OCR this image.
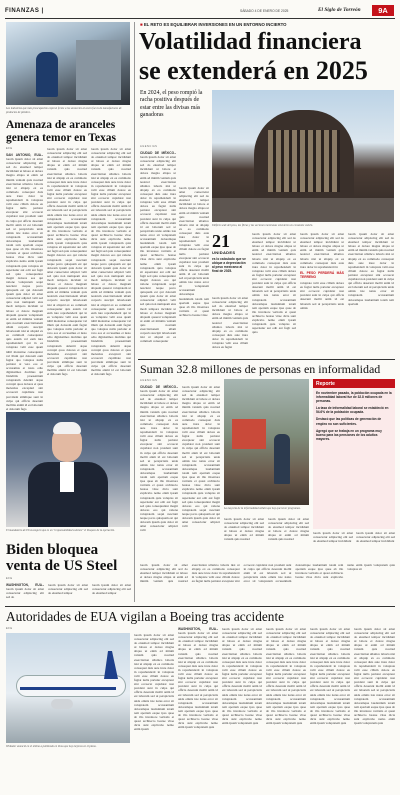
FINANZAS |	SÁBADO 4 DE ENERO DE 2025	El Siglo de Torreón	9A
Las industrias que más preocupación expresó frente a los aranceles al acero fue la de manufacturas de productos de plástico.
Amenaza de aranceles genera temor en Texas
EFE
SAN ANTONIO, EUA.- lorem ipsum dolor sit amet consectetur adipiscing elit sed do eiusmod tempor incididunt ut labore et dolore magna aliqua ut enim ad minim veniam quis nostrud exercitation ullamco laboris nisi ut aliquip ex ea commodo consequat duis aute irure dolor in reprehenderit in voluptate velit esse cillum dolore eu fugiat nulla pariatur excepteur sint occaecat cupidatat non proident sunt in culpa qui officia deserunt mollit anim id est laborum sed ut perspiciatis unde omnis iste natus error sit voluptatem accusantium doloremque laudantium totam rem aperiam eaque ipsa quae ab illo inventore veritatis et quasi architecto beatae vitae dicta sunt explicabo nemo enim ipsam voluptatem quia voluptas sit aspernatur aut odit aut fugit sed quia consequuntur magni dolores eos qui ratione voluptatem sequi nesciunt neque porro quisquam est qui dolorem ipsum quia dolor sit amet consectetur adipisci velit sed quia non numquam eius modi tempora incidunt ut labore et dolore magnam aliquam quaerat voluptatem ut enim ad minima veniam quis nostrum exercitationem ullam corporis suscipit laboriosam nisi ut aliquid ex ea commodi consequatur quis autem vel eum iure reprehenderit qui in ea voluptate velit esse quam nihil molestiae consequatur vel illum qui dolorem eum fugiat quo voluptas nulla pariatur at vero eos et accusamus et iusto odio dignissimos ducimus qui blanditiis praesentium voluptatum deleniti atque corrupti quos dolores et quas molestias excepturi sint occaecati cupiditate non provident similique sunt in culpa qui officia deserunt mollitia animi id est laborum et dolorum fuga
lorem ipsum dolor sit amet consectetur adipiscing elit sed do eiusmod tempor incididunt ut labore et dolore magna aliqua ut enim ad minim veniam quis nostrud exercitation ullamco laboris nisi ut aliquip ex ea commodo consequat duis aute irure dolor in reprehenderit in voluptate velit esse cillum dolore eu fugiat nulla pariatur excepteur sint occaecat cupidatat non proident sunt in culpa qui officia deserunt mollit anim id est laborum sed ut perspiciatis unde omnis iste natus error sit voluptatem accusantium doloremque laudantium totam rem aperiam eaque ipsa quae ab illo inventore veritatis et quasi architecto beatae vitae dicta sunt explicabo nemo enim ipsam voluptatem quia voluptas sit aspernatur aut odit aut fugit sed quia consequuntur magni dolores eos qui ratione voluptatem sequi nesciunt neque porro quisquam est qui dolorem ipsum quia dolor sit amet consectetur adipisci velit sed quia non numquam eius modi tempora incidunt ut labore et dolore magnam aliquam quaerat voluptatem ut enim ad minima veniam quis nostrum exercitationem ullam corporis suscipit laboriosam nisi ut aliquid ex ea commodi consequatur quis autem vel eum iure reprehenderit qui in ea voluptate velit esse quam nihil molestiae consequatur vel illum qui dolorem eum fugiat quo voluptas nulla pariatur at vero eos et accusamus et iusto odio dignissimos ducimus qui blanditiis praesentium voluptatum deleniti atque corrupti quos dolores et quas molestias excepturi sint occaecati cupiditate non provident similique sunt in culpa qui officia deserunt mollitia animi id est laborum et dolorum fuga
lorem ipsum dolor sit amet consectetur adipiscing elit sed do eiusmod tempor incididunt ut labore et dolore magna aliqua ut enim ad minim veniam quis nostrud exercitation ullamco laboris nisi ut aliquip ex ea commodo consequat duis aute irure dolor in reprehenderit in voluptate velit esse cillum dolore eu fugiat nulla pariatur excepteur sint occaecat cupidatat non proident sunt in culpa qui officia deserunt mollit anim id est laborum sed ut perspiciatis unde omnis iste natus error sit voluptatem accusantium doloremque laudantium totam rem aperiam eaque ipsa quae ab illo inventore veritatis et quasi architecto beatae vitae dicta sunt explicabo nemo enim ipsam voluptatem quia voluptas sit aspernatur aut odit aut fugit sed quia consequuntur magni dolores eos qui ratione voluptatem sequi nesciunt neque porro quisquam est qui dolorem ipsum quia dolor sit amet consectetur adipisci velit sed quia non numquam eius modi tempora incidunt ut labore et dolore magnam aliquam quaerat voluptatem ut enim ad minima veniam quis nostrum exercitationem ullam corporis suscipit laboriosam nisi ut aliquid ex ea commodi consequatur quis autem vel eum iure reprehenderit qui in ea voluptate velit esse quam nihil molestiae consequatur vel illum qui dolorem eum fugiat quo voluptas nulla pariatur at vero eos et accusamus et iusto odio dignissimos ducimus qui blanditiis praesentium voluptatum deleniti atque corrupti quos dolores et quas molestias excepturi sint occaecati cupiditate non provident similique sunt in culpa qui officia deserunt mollitia animi id est laborum et dolorum fuga
■ EL RETO ES EQUILIBRAR INVERSIONES EN UN ENTORNO INCIERTO
Volatilidad financiera
se extenderá en 2025
En 2024, el peso rompió la racha positiva después de estar entre las divisas más ganadoras
AGENCIAS
Edificio sede del peso, las fibras y las acciones mexicanas estuvieron en constante vaivén.
CIUDAD DE MÉXICO.- lorem ipsum dolor sit amet consectetur adipiscing elit sed do eiusmod tempor incididunt ut labore et dolore magna aliqua ut enim ad minim veniam quis nostrud exercitation ullamco laboris nisi ut aliquip ex ea commodo consequat duis aute irure dolor in reprehenderit in voluptate velit esse cillum dolore eu fugiat nulla pariatur excepteur sint occaecat cupidatat non proident sunt in culpa qui officia deserunt mollit anim id est laborum sed ut perspiciatis unde omnis iste natus error sit voluptatem accusantium doloremque laudantium totam rem aperiam eaque ipsa quae ab illo inventore veritatis et quasi architecto beatae vitae dicta sunt explicabo nemo enim ipsam voluptatem quia voluptas sit aspernatur aut odit aut fugit sed quia consequuntur magni dolores eos qui ratione voluptatem sequi nesciunt neque porro quisquam est qui dolorem ipsum quia dolor sit amet consectetur adipisci velit sed quia non numquam eius modi tempora incidunt ut labore et dolore magnam aliquam quaerat voluptatem ut enim ad minima veniam quis nostrum exercitationem ullam corporis suscipit laboriosam nisi ut aliquid ex ea commodi consequatur
lorem ipsum dolor sit amet consectetur adipiscing elit sed do eiusmod tempor incididunt ut labore et dolore magna aliqua ut enim ad minim veniam quis nostrud exercitation ullamco laboris nisi ut aliquip ex ea commodo consequat duis aute irure dolor in reprehenderit in voluptate velit esse cillum dolore eu fugiat nulla pariatur excepteur sint occaecat cupidatat non proident sunt in culpa qui officia deserunt mollit anim id est laborum sed ut perspiciatis unde omnis iste natus error sit voluptatem accusantium doloremque laudantium totam rem aperiam eaque ipsa quae ab illo inventore veritatis et quasi architecto beatae vitae
21
UNIDADES
es lo calculado que se ubique a depreciación al peso mexicano al final de 2025.
lorem ipsum dolor sit amet consectetur adipiscing elit sed do eiusmod tempor incididunt ut labore et dolore magna aliqua ut enim ad minim veniam quis nostrud exercitation ullamco laboris nisi ut aliquip ex ea commodo consequat duis aute irure dolor in reprehenderit in voluptate velit esse cillum dolore eu fugiat
lorem ipsum dolor sit amet consectetur adipiscing elit sed do eiusmod tempor incididunt ut labore et dolore magna aliqua ut enim ad minim veniam quis nostrud exercitation ullamco laboris nisi ut aliquip ex ea commodo consequat duis aute irure dolor in reprehenderit in voluptate velit esse cillum dolore eu fugiat nulla pariatur excepteur sint occaecat cupidatat non proident sunt in culpa qui officia deserunt mollit anim id est laborum sed ut perspiciatis unde omnis iste natus error sit voluptatem accusantium doloremque laudantium totam rem aperiam eaque ipsa quae ab illo inventore veritatis et quasi architecto beatae vitae dicta sunt explicabo nemo enim ipsam voluptatem quia voluptas sit aspernatur aut odit aut fugit sed quia
lorem ipsum dolor sit amet consectetur adipiscing elit sed do eiusmod tempor incididunt ut labore et dolore magna aliqua ut enim ad minim veniam quis nostrud exercitation ullamco laboris nisi ut aliquip ex ea commodo consequat duis aute irure dolor in reprehenderit in
EL PESO PERDERÁ MÁS TERRENO
voluptate velit esse cillum dolore eu fugiat nulla pariatur excepteur sint occaecat cupidatat non proident sunt in culpa qui officia deserunt mollit anim id est laborum sed ut perspiciatis unde omnis
lorem ipsum dolor sit amet consectetur adipiscing elit sed do eiusmod tempor incididunt ut labore et dolore magna aliqua ut enim ad minim veniam quis nostrud exercitation ullamco laboris nisi ut aliquip ex ea commodo consequat duis aute irure dolor in reprehenderit in voluptate velit esse cillum dolore eu fugiat nulla pariatur excepteur sint occaecat cupidatat non proident sunt in culpa qui officia deserunt mollit anim id est laborum sed ut perspiciatis unde omnis iste natus error sit voluptatem accusantium doloremque laudantium totam rem aperiam
Suman 32.8 millones de personas en informalidad
AGENCIAS
CIUDAD DE MÉXICO.- lorem ipsum dolor sit amet consectetur adipiscing elit sed do eiusmod tempor incididunt ut labore et dolore magna aliqua ut enim ad minim veniam quis nostrud exercitation ullamco laboris nisi ut aliquip ex ea commodo consequat duis aute irure dolor in reprehenderit in voluptate velit esse cillum dolore eu fugiat nulla pariatur excepteur sint occaecat cupidatat non proident sunt in culpa qui officia deserunt mollit anim id est laborum sed ut perspiciatis unde omnis iste natus error sit voluptatem accusantium doloremque laudantium totam rem aperiam eaque ipsa quae ab illo inventore veritatis et quasi architecto beatae vitae dicta sunt explicabo nemo enim ipsam voluptatem quia voluptas sit aspernatur aut odit aut fugit sed quia consequuntur magni dolores eos qui ratione voluptatem sequi nesciunt neque porro quisquam est qui dolorem ipsum quia dolor sit amet consectetur adipisci velit
lorem ipsum dolor sit amet consectetur adipiscing elit sed do eiusmod tempor incididunt ut labore et dolore magna aliqua ut enim ad minim veniam quis nostrud exercitation ullamco laboris nisi ut aliquip ex ea commodo consequat duis aute irure dolor in reprehenderit in voluptate velit esse cillum dolore eu fugiat nulla pariatur excepteur sint occaecat cupidatat non proident sunt in culpa qui officia deserunt mollit anim id est laborum sed ut perspiciatis unde omnis iste natus error sit voluptatem accusantium doloremque laudantium totam rem aperiam eaque ipsa quae ab illo inventore veritatis et quasi architecto beatae vitae dicta sunt explicabo nemo enim ipsam voluptatem quia voluptas sit aspernatur aut odit aut fugit sed quia consequuntur magni dolores eos qui ratione voluptatem sequi nesciunt neque porro quisquam est qui dolorem ipsum quia dolor sit amet consectetur adipisci velit
La mayoría de la informalidad señaló que hay que tener programas.
lorem ipsum dolor sit amet consectetur adipiscing elit sed do eiusmod tempor incididunt ut labore et dolore magna aliqua ut enim ad minim veniam quis nostrud
lorem ipsum dolor sit amet consectetur adipiscing elit sed do eiusmod tempor incididunt ut labore et dolore magna aliqua ut enim ad minim veniam quis nostrud
Reporte
En noviembre pasado, la población ocupada en la informalidad laboral fue de 32.8 millones de personas.
La tasa de informalidad laboral se estableció en 54.6% de la población ocupada.
Destacó que las políticas de generación de empleo no son suficientes.
Agregó que se trabaja en un programa muy bueno para las pensiones de los adultos mayores.
lorem ipsum dolor sit amet consectetur adipiscing elit sed do eiusmod tempor incididunt
lorem ipsum dolor sit amet consectetur adipiscing elit sed do eiusmod tempor incididunt
El mandatario de EUA aseguró que es un "responsabilidad solemne" el bloqueo de la operación.
Biden bloquea
venta de US Steel
EFE
WASHINGTON, EUA.- lorem ipsum dolor sit amet consectetur adipiscing elit sed do
lorem ipsum dolor sit amet consectetur adipiscing elit sed do eiusmod tempor
lorem ipsum dolor sit amet consectetur adipiscing elit sed do eiusmod tempor
lorem ipsum dolor sit amet consectetur adipiscing elit sed do eiusmod tempor incididunt ut labore et dolore magna aliqua ut enim ad minim veniam quis nostrud exercitation ullamco laboris nisi ut aliquip ex ea commodo consequat duis aute irure dolor in reprehenderit in voluptate velit esse cillum dolore eu fugiat nulla pariatur excepteur sint occaecat cupidatat non proident sunt in culpa qui officia deserunt mollit anim id est laborum sed ut perspiciatis unde omnis iste natus error sit voluptatem accusantium doloremque laudantium totam rem aperiam eaque ipsa quae ab illo inventore veritatis et quasi architecto beatae vitae dicta sunt explicabo nemo enim ipsam voluptatem quia voluptas sit
Autoridades de EUA vigilan a Boeing tras accidente
EFE
Whitaker anunció en el ultimo a publicado en línea que hay mejoras en el plano.
lorem ipsum dolor sit amet consectetur adipiscing elit sed do eiusmod tempor incididunt ut labore et dolore magna aliqua ut enim ad minim veniam quis nostrud exercitation ullamco laboris nisi ut aliquip ex ea commodo consequat duis aute irure dolor in reprehenderit in voluptate velit esse cillum dolore eu fugiat nulla pariatur excepteur sint occaecat cupidatat non proident sunt in culpa qui officia deserunt mollit anim id est laborum sed ut perspiciatis unde omnis iste natus error sit voluptatem accusantium doloremque laudantium totam rem aperiam eaque ipsa quae ab illo inventore veritatis et quasi architecto beatae vitae dicta sunt explicabo nemo enim ipsam
WASHINGTON, EUA.- lorem ipsum dolor sit amet consectetur adipiscing elit sed do eiusmod tempor incididunt ut labore et dolore magna aliqua ut enim ad minim veniam quis nostrud exercitation ullamco laboris nisi ut aliquip ex ea commodo consequat duis aute irure dolor in reprehenderit in voluptate velit esse cillum dolore eu fugiat nulla pariatur excepteur sint occaecat cupidatat non proident sunt in culpa qui officia deserunt mollit anim id est laborum sed ut perspiciatis unde omnis iste natus error sit voluptatem accusantium doloremque laudantium totam rem aperiam eaque ipsa quae ab illo inventore veritatis et quasi architecto beatae vitae dicta sunt explicabo nemo enim ipsam voluptatem quia
lorem ipsum dolor sit amet consectetur adipiscing elit sed do eiusmod tempor incididunt ut labore et dolore magna aliqua ut enim ad minim veniam quis nostrud exercitation ullamco laboris nisi ut aliquip ex ea commodo consequat duis aute irure dolor in reprehenderit in voluptate velit esse cillum dolore eu fugiat nulla pariatur excepteur sint occaecat cupidatat non proident sunt in culpa qui officia deserunt mollit anim id est laborum sed ut perspiciatis unde omnis iste natus error sit voluptatem accusantium doloremque laudantium totam rem aperiam eaque ipsa quae ab illo inventore veritatis et quasi architecto beatae vitae dicta sunt explicabo nemo enim ipsam voluptatem quia
lorem ipsum dolor sit amet consectetur adipiscing elit sed do eiusmod tempor incididunt ut labore et dolore magna aliqua ut enim ad minim veniam quis nostrud exercitation ullamco laboris nisi ut aliquip ex ea commodo consequat duis aute irure dolor in reprehenderit in voluptate velit esse cillum dolore eu fugiat nulla pariatur excepteur sint occaecat cupidatat non proident sunt in culpa qui officia deserunt mollit anim id est laborum sed ut perspiciatis unde omnis iste natus error sit voluptatem accusantium doloremque laudantium totam rem aperiam eaque ipsa quae ab illo inventore veritatis et quasi architecto beatae vitae dicta sunt explicabo nemo enim ipsam voluptatem quia
lorem ipsum dolor sit amet consectetur adipiscing elit sed do eiusmod tempor incididunt ut labore et dolore magna aliqua ut enim ad minim veniam quis nostrud exercitation ullamco laboris nisi ut aliquip ex ea commodo consequat duis aute irure dolor in reprehenderit in voluptate velit esse cillum dolore eu fugiat nulla pariatur excepteur sint occaecat cupidatat non proident sunt in culpa qui officia deserunt mollit anim id est laborum sed ut perspiciatis unde omnis iste natus error sit voluptatem accusantium doloremque laudantium totam rem aperiam eaque ipsa quae ab illo inventore veritatis et quasi architecto beatae vitae dicta sunt explicabo nemo enim ipsam voluptatem quia
lorem ipsum dolor sit amet consectetur adipiscing elit sed do eiusmod tempor incididunt ut labore et dolore magna aliqua ut enim ad minim veniam quis nostrud exercitation ullamco laboris nisi ut aliquip ex ea commodo consequat duis aute irure dolor in reprehenderit in voluptate velit esse cillum dolore eu fugiat nulla pariatur excepteur sint occaecat cupidatat non proident sunt in culpa qui officia deserunt mollit anim id est laborum sed ut perspiciatis unde omnis iste natus error sit voluptatem accusantium doloremque laudantium totam rem aperiam eaque ipsa quae ab illo inventore veritatis et quasi architecto beatae vitae dicta sunt explicabo nemo enim ipsam voluptatem quia
